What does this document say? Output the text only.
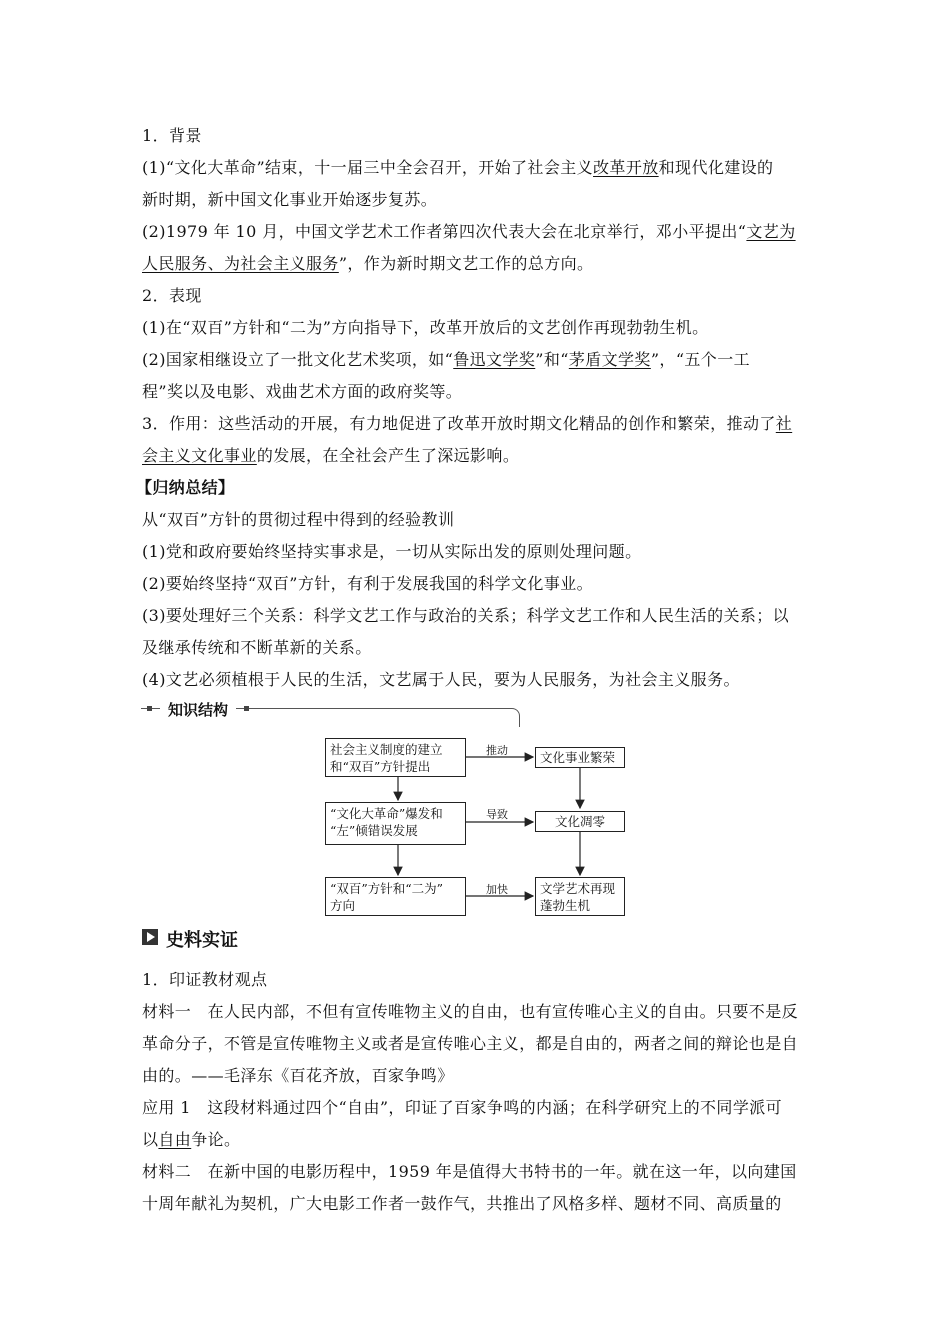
1．背景
(1)“文化大革命”结束，十一届三中全会召开，开始了社会主义改革开放和现代化建设的
新时期，新中国文化事业开始逐步复苏。
(2)1979 年 10 月，中国文学艺术工作者第四次代表大会在北京举行，邓小平提出“文艺为
人民服务、为社会主义服务”，作为新时期文艺工作的总方向。
2．表现
(1)在“双百”方针和“二为”方向指导下，改革开放后的文艺创作再现勃勃生机。
(2)国家相继设立了一批文化艺术奖项，如“鲁迅文学奖”和“茅盾文学奖”，“五个一工
程”奖以及电影、戏曲艺术方面的政府奖等。
3．作用：这些活动的开展，有力地促进了改革开放时期文化精品的创作和繁荣，推动了社
会主义文化事业的发展，在全社会产生了深远影响。
【归纳总结】
从“双百”方针的贯彻过程中得到的经验教训
(1)党和政府要始终坚持实事求是，一切从实际出发的原则处理问题。
(2)要始终坚持“双百”方针，有利于发展我国的科学文化事业。
(3)要处理好三个关系：科学文艺工作与政治的关系；科学文艺工作和人民生活的关系；以
及继承传统和不断革新的关系。
(4)文艺必须植根于人民的生活，文艺属于人民，要为人民服务，为社会主义服务。
知识结构
社会主义制度的建立
和“双百”方针提出
“文化大革命”爆发和
“左”倾错误发展
“双百”方针和“二为”
方向
文化事业繁荣
文化凋零
文学艺术再现
蓬勃生机
推动
导致
加快
史料实证
1．印证教材观点
材料一　在人民内部，不但有宣传唯物主义的自由，也有宣传唯心主义的自由。只要不是反
革命分子，不管是宣传唯物主义或者是宣传唯心主义，都是自由的，两者之间的辩论也是自
由的。——毛泽东《百花齐放，百家争鸣》
应用 1　这段材料通过四个“自由”，印证了百家争鸣的内涵；在科学研究上的不同学派可
以自由争论。
材料二　在新中国的电影历程中，1959 年是值得大书特书的一年。就在这一年，以向建国
十周年献礼为契机，广大电影工作者一鼓作气，共推出了风格多样、题材不同、高质量的
